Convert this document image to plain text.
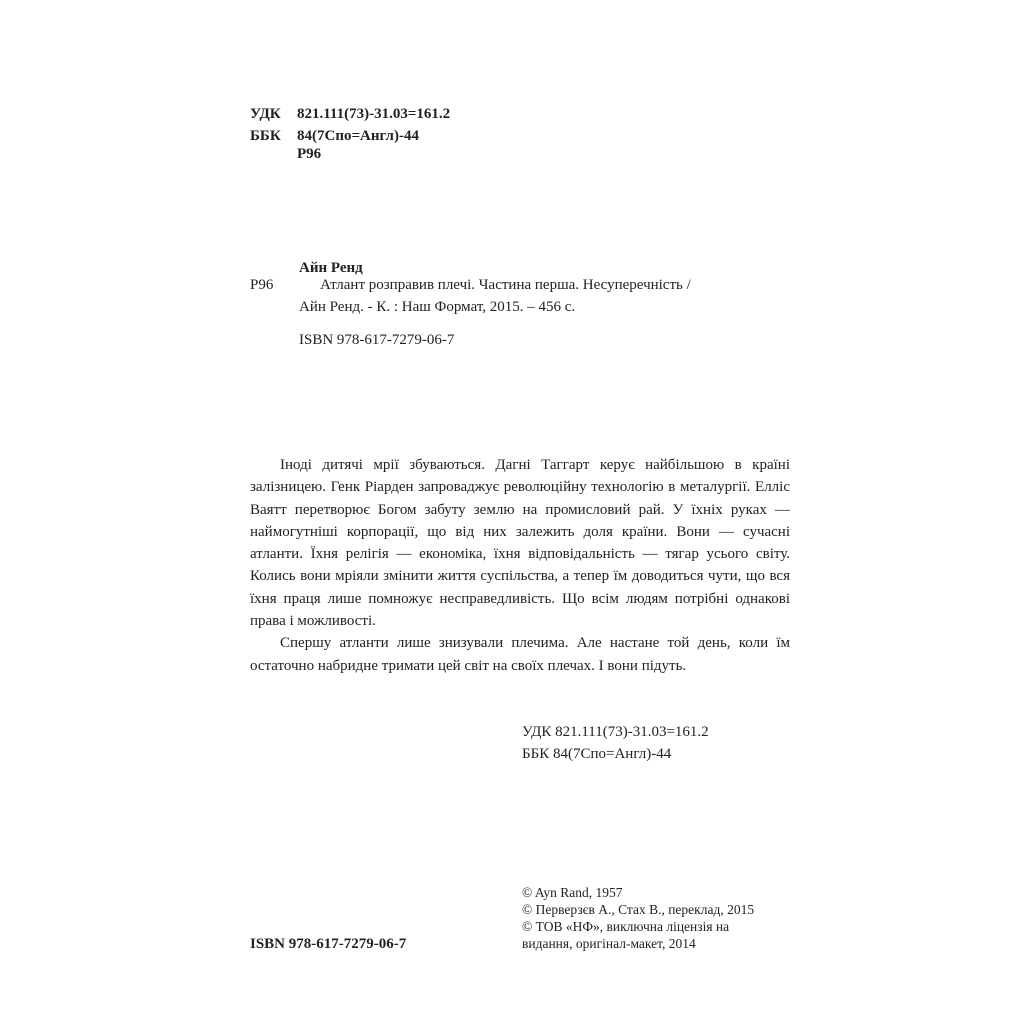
УДК 821.111(73)-31.03=161.2
ББК 84(7Спо=Англ)-44
Р96
Айн Ренд
Р96	Атлант розправив плечі. Частина перша. Несуперечність /
Айн Ренд. - К. : Наш Формат, 2015. – 456 с.
ISBN 978-617-7279-06-7

Іноді дитячі мрії збуваються. Дагні Таггарт керує найбільшою в країні залізницею. Генк Ріарден запроваджує революційну технологію в металургії. Елліс Ваятт перетворює Богом забуту землю на промисловий рай. У їхніх руках — наймогутніші корпорації, що від них залежить доля країни. Вони — сучасні атланти. Їхня релігія — економіка, їхня відповідальність — тягар усього світу. Колись вони мріяли змінити життя суспільства, а тепер їм доводиться чути, що вся їхня праця лише помножує несправедливість. Що всім людям потрібні однакові права і можливості.

Спершу атланти лише знизували плечима. Але настане той день, коли їм остаточно набридне тримати цей світ на своїх плечах. І вони підуть.

УДК 821.111(73)-31.03=161.2
ББК 84(7Спо=Англ)-44
© Ayn Rand, 1957
© Перверзєв А., Стах В., переклад, 2015
© ТОВ «НФ», виключна ліцензія на
видання, оригінал-макет, 2014
ISBN 978-617-7279-06-7
